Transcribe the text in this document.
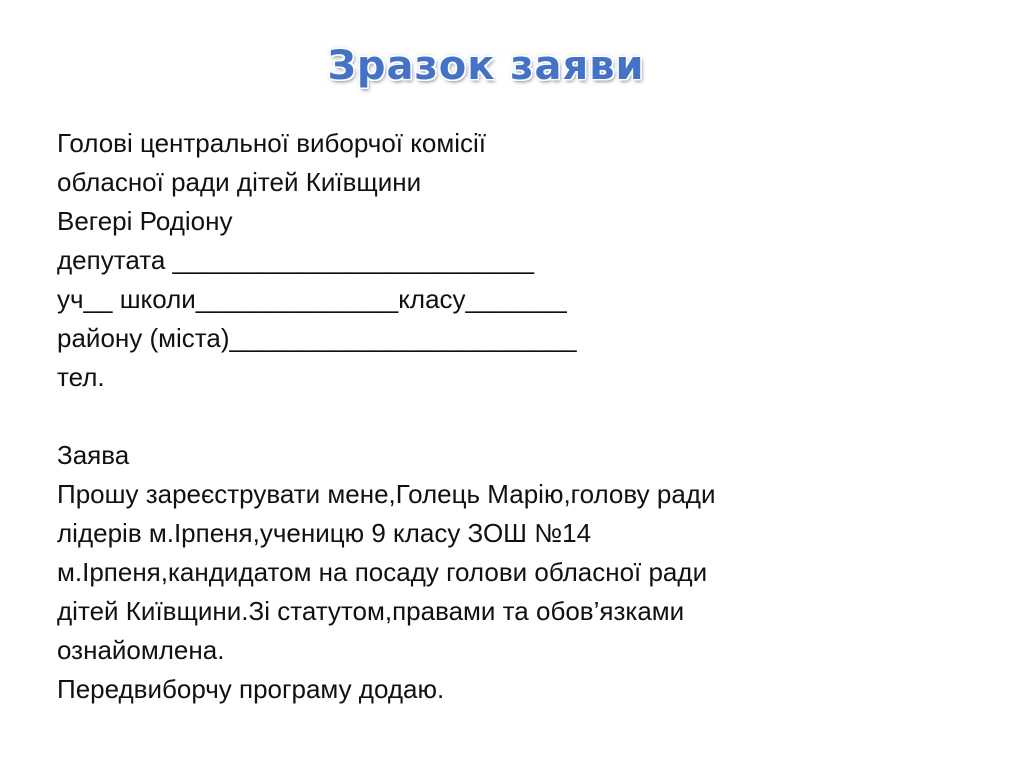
Зразок заяви
Голові центральної виборчої комісії
обласної ради дітей Київщини
Вегері Родіону
депутата _________________________
уч__ школи______________класу_______
району (міста)________________________
тел.
Заява
Прошу зареєструвати мене,Голець Марію,голову ради
лідерів м.Ірпеня,ученицю 9 класу ЗОШ №14
м.Ірпеня,кандидатом на посаду голови обласної ради
дітей Київщини.Зі статутом,правами та обов’язками
ознайомлена.
Передвиборчу програму додаю.
